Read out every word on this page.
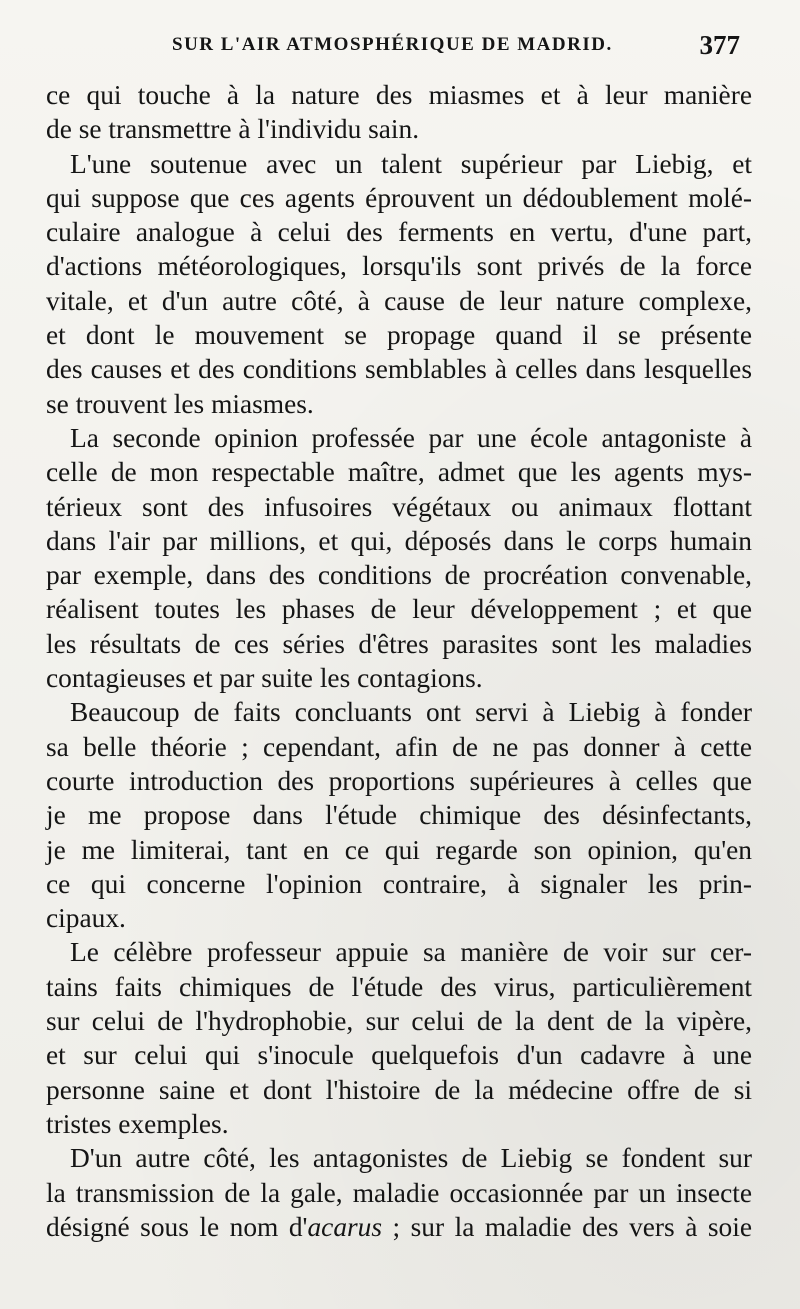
SUR L'AIR ATMOSPHÉRIQUE DE MADRID.	377

ce qui touche à la nature des miasmes et à leur manière
de se transmettre à l'individu sain.

L'une soutenue avec un talent supérieur par Liebig, et
qui suppose que ces agents éprouvent un dédoublement molé-
culaire analogue à celui des ferments en vertu, d'une part,
d'actions météorologiques, lorsqu'ils sont privés de la force
vitale, et d'un autre côté, à cause de leur nature complexe,
et dont le mouvement se propage quand il se présente
des causes et des conditions semblables à celles dans lesquelles
se trouvent les miasmes.

La seconde opinion professée par une école antagoniste à
celle de mon respectable maître, admet que les agents mys-
térieux sont des infusoires végétaux ou animaux flottant
dans l'air par millions, et qui, déposés dans le corps humain
par exemple, dans des conditions de procréation convenable,
réalisent toutes les phases de leur développement ; et que
les résultats de ces séries d'êtres parasites sont les maladies
contagieuses et par suite les contagions.

Beaucoup de faits concluants ont servi à Liebig à fonder
sa belle théorie ; cependant, afin de ne pas donner à cette
courte introduction des proportions supérieures à celles que
je me propose dans l'étude chimique des désinfectants,
je me limiterai, tant en ce qui regarde son opinion, qu'en
ce qui concerne l'opinion contraire, à signaler les prin-
cipaux.

Le célèbre professeur appuie sa manière de voir sur cer-
tains faits chimiques de l'étude des virus, particulièrement
sur celui de l'hydrophobie, sur celui de la dent de la vipère,
et sur celui qui s'inocule quelquefois d'un cadavre à une
personne saine et dont l'histoire de la médecine offre de si
tristes exemples.

D'un autre côté, les antagonistes de Liebig se fondent sur
la transmission de la gale, maladie occasionnée par un insecte
désigné sous le nom d'acarus ; sur la maladie des vers à soie
